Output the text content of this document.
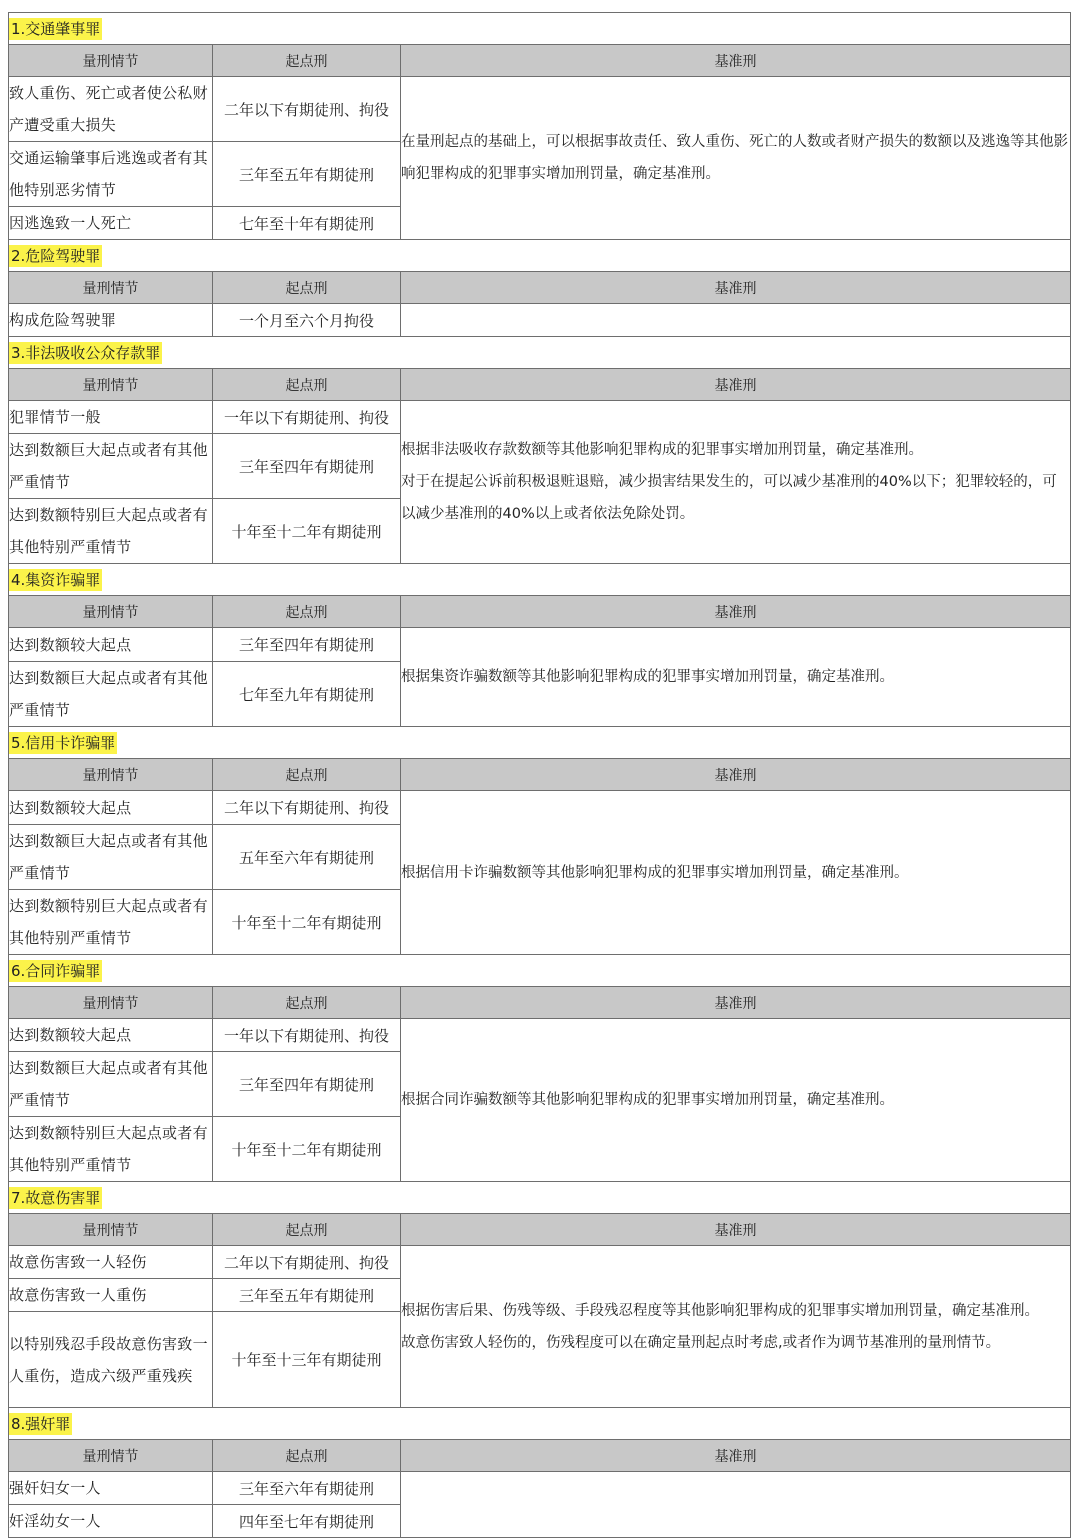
1.交通肇事罪		
量刑情节	起点刑	基准刑
致人重伤、死亡或者使公私财产遭受重大损失	二年以下有期徒刑、拘役	在量刑起点的基础上，可以根据事故责任、致人重伤、死亡的人数或者财产损失的数额以及逃逸等其他影响犯罪构成的犯罪事实增加刑罚量，确定基准刑。

交通运输肇事后逃逸或者有其他特别恶劣情节	三年至五年有期徒刑	
因逃逸致一人死亡	七年至十年有期徒刑	
2.危险驾驶罪		
量刑情节	起点刑	基准刑
构成危险驾驶罪	一个月至六个月拘役	
3.非法吸收公众存款罪		
量刑情节	起点刑	基准刑
犯罪情节一般	一年以下有期徒刑、拘役	根据非法吸收存款数额等其他影响犯罪构成的犯罪事实增加刑罚量，确定基准刑。
对于在提起公诉前积极退赃退赔，减少损害结果发生的，可以减少基准刑的40%以下；犯罪较轻的，可以减少基准刑的40%以上或者依法免除处罚。

达到数额巨大起点或者有其他严重情节	三年至四年有期徒刑	
达到数额特别巨大起点或者有其他特别严重情节	十年至十二年有期徒刑	
4.集资诈骗罪		
量刑情节	起点刑	基准刑
达到数额较大起点	三年至四年有期徒刑	根据集资诈骗数额等其他影响犯罪构成的犯罪事实增加刑罚量，确定基准刑。

达到数额巨大起点或者有其他严重情节	七年至九年有期徒刑	
5.信用卡诈骗罪		
量刑情节	起点刑	基准刑
达到数额较大起点	二年以下有期徒刑、拘役	根据信用卡诈骗数额等其他影响犯罪构成的犯罪事实增加刑罚量，确定基准刑。

达到数额巨大起点或者有其他严重情节	五年至六年有期徒刑	
达到数额特别巨大起点或者有其他特别严重情节	十年至十二年有期徒刑	
6.合同诈骗罪		
量刑情节	起点刑	基准刑
达到数额较大起点	一年以下有期徒刑、拘役	根据合同诈骗数额等其他影响犯罪构成的犯罪事实增加刑罚量，确定基准刑。

达到数额巨大起点或者有其他严重情节	三年至四年有期徒刑	
达到数额特别巨大起点或者有其他特别严重情节	十年至十二年有期徒刑	
7.故意伤害罪		
量刑情节	起点刑	基准刑
故意伤害致一人轻伤	二年以下有期徒刑、拘役	根据伤害后果、伤残等级、手段残忍程度等其他影响犯罪构成的犯罪事实增加刑罚量，确定基准刑。
故意伤害致人轻伤的，伤残程度可以在确定量刑起点时考虑,或者作为调节基准刑的量刑情节。

故意伤害致一人重伤	三年至五年有期徒刑	
以特别残忍手段故意伤害致一人重伤，造成六级严重残疾	十年至十三年有期徒刑	
8.强奸罪		
量刑情节	起点刑	基准刑
强奸妇女一人	三年至六年有期徒刑	
奸淫幼女一人	四年至七年有期徒刑	
